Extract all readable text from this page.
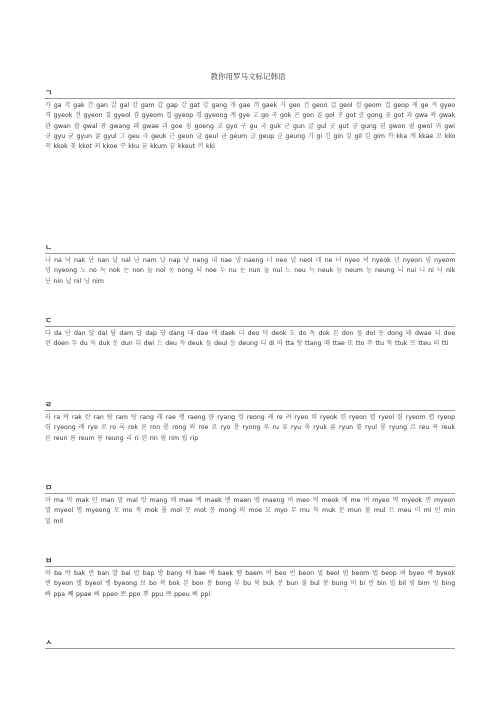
教你用罗马文标记韩语
ㄱ
가 ga 각 gak 간 gan 갈 gal 감 gam 갑 gap 갓 gat 강 gang 개 gae 객 gaek 거 geo 건 geon 걸 geol 검 geom 겁 geop 게 ge 겨 gyeo 격 gyeok 견 gyeon 결 gyeol 겸 gyeom 겹 gyeop 경 gyeong 계 gye 고 go 곡 gok 곤 gon 골 gol 곳 got 공 gong 곶 got 과 gwa 곽 gwak 관 gwan 괄 gwal 광 gwang 괘 gwae 괴 goe 굉 goeng 교 gyo 구 gu 국 guk 군 gun 굴 gul 굿 gut 궁 gung 권 gwon 궐 gwol 귀 gwi 규 gyu 균 gyun 귤 gyul 그 geu 극 geuk 근 geun 글 geul 금 geum 급 geup 긍 geung 기 gi 긴 gin 길 gil 김 gim 까 kka 깨 kkae 꼬 kko 꼭 kkok 꽃 kkot 꾀 kkoe 꾸 kku 꿈 kkum 끝 kkeut 끼 kki
ㄴ
나 na 낙 nak 난 nan 날 nal 남 nam 납 nap 낭 nang 내 nae 냉 naeng 너 neo 널 neol 네 ne 녀 nyeo 녁 nyeok 년 nyeon 념 nyeom 녕 nyeong 노 no 녹 nok 논 non 놀 nol 농 nong 뇌 noe 누 nu 눈 nun 눌 nul 느 neu 늑 neuk 늠 neum 능 neung 늬 nui 니 ni 닉 nik 닌 nin 닐 nil 님 nim
ㄷ
다 da 단 dan 달 dal 담 dam 답 dap 당 dang 대 dae 댁 daek 더 deo 덕 deok 도 do 독 dok 돈 don 돌 dol 동 dong 돼 dwae 되 doe 된 doen 두 du 둑 duk 둔 dun 뒤 dwi 드 deu 득 deuk 들 deul 등 deung 디 di 따 tta 땅 ttang 때 ttae 또 tto 뚜 ttu 뚝 ttuk 뜨 tteu 띠 tti
ㄹ
라 ra 락 rak 란 ran 람 ram 랑 rang 래 rae 랭 raeng 량 ryang 렁 reong 레 re 려 ryeo 력 ryeok 련 ryeon 렬 ryeol 렴 ryeom 렵 ryeop 령 ryeong 례 rye 로 ro 록 rok 론 ron 롱 rong 뢰 roe 료 ryo 룡 ryong 루 ru 류 ryu 륙 ryuk 륜 ryun 률 ryul 륭 ryung 르 reu 륵 reuk 른 reun 름 reum 릉 reung 리 ri 린 rin 림 rim 립 rip
ㅁ
마 ma 막 mak 만 man 말 mal 망 mang 매 mae 맥 maek 맨 maen 맹 maeng 머 meo 먹 meok 메 me 며 myeo 멱 myeok 면 myeon 멸 myeol 명 myeong 모 mo 목 mok 몰 mol 못 mot 몽 mong 뫼 moe 묘 myo 무 mu 묵 muk 문 mun 물 mul 므 meu 미 mi 민 min 밀 mil
ㅂ
바 ba 박 bak 반 ban 발 bal 밥 bap 방 bang 배 bae 백 baek 뱀 baem 버 beo 번 beon 벌 beol 범 beom 법 beop 벼 byeo 벽 byeok 변 byeon 별 byeol 병 byeong 보 bo 복 bok 본 bon 봉 bong 부 bu 북 buk 분 bun 불 bul 붕 bung 비 bi 빈 bin 빌 bil 빔 bim 빙 bing 빠 ppa 빼 ppae 뻐 ppeo 뽀 ppo 뿌 ppu 쁘 ppeu 삐 ppi
ㅅ
